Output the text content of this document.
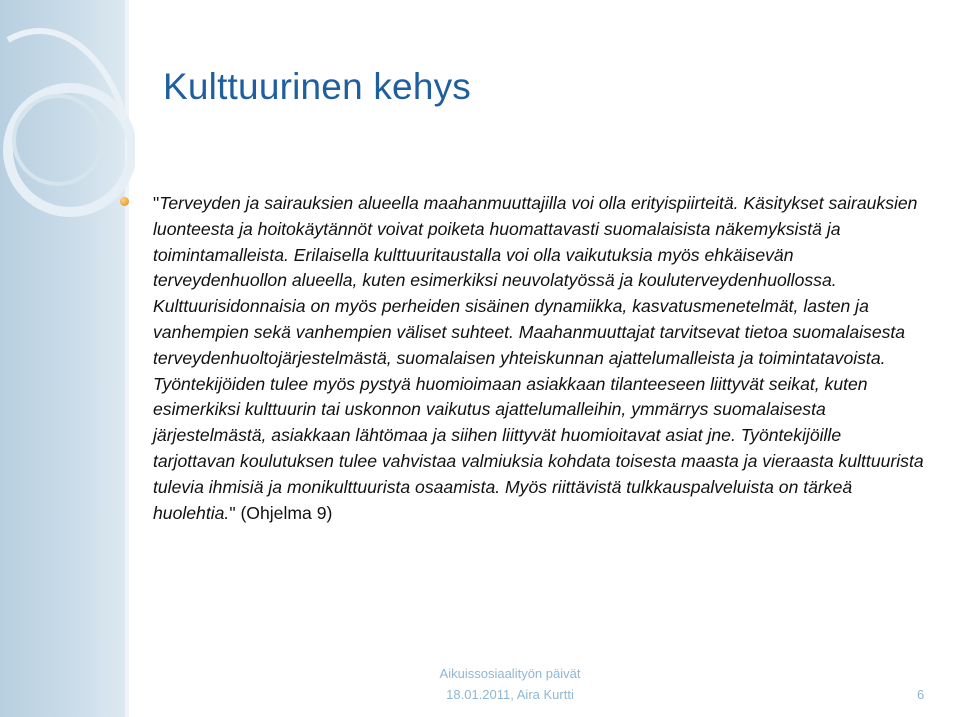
Kulttuurinen kehys
"Terveyden ja sairauksien alueella maahanmuuttajilla voi olla erityispiirteitä. Käsitykset sairauksien luonteesta ja hoitokäytännöt voivat poiketa huomattavasti suomalaisista näkemyksistä ja toimintamalleista. Erilaisella kulttuuritaustalla voi olla vaikutuksia myös ehkäisevän terveydenhuollon alueella, kuten esimerkiksi neuvolatyössä ja kouluterveydenhuollossa. Kulttuurisidonnaisia on myös perheiden sisäinen dynamiikka, kasvatusmenetelmät, lasten ja vanhempien sekä vanhempien väliset suhteet. Maahanmuuttajat tarvitsevat tietoa suomalaisesta terveydenhuoltojärjestelmästä, suomalaisen yhteiskunnan ajattelumalleista ja toimintatavoista. Työntekijöiden tulee myös pystyä huomioimaan asiakkaan tilanteeseen liittyvät seikat, kuten esimerkiksi kulttuurin tai uskonnon vaikutus ajattelumalleihin, ymmärrys suomalaisesta järjestelmästä, asiakkaan lähtömaa ja siihen liittyvät huomioitavat asiat jne. Työntekijöille tarjottavan koulutuksen tulee vahvistaa valmiuksia kohdata toisesta maasta ja vieraasta kulttuurista tulevia ihmisiä ja monikulttuurista osaamista. Myös riittävistä tulkkauspalveluista on tärkeä huolehtia." (Ohjelma 9)
Aikuissosiaalityön päivät
18.01.2011, Aira Kurtti	6
